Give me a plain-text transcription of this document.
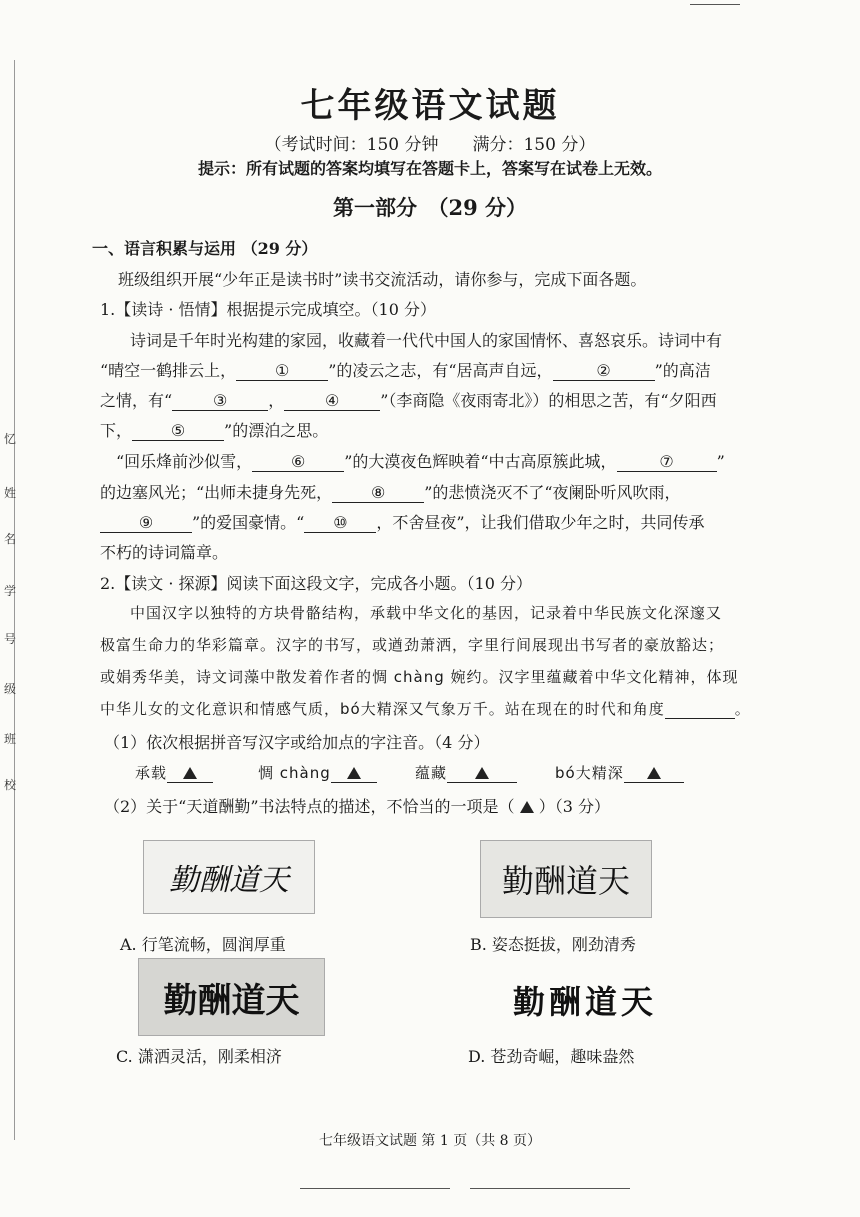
忆
姓
名
学
号
级
班
校
七年级语文试题
（考试时间：150 分钟　　满分：150 分）
提示：所有试题的答案均填写在答题卡上，答案写在试卷上无效。
第一部分　（29 分）
一、语言积累与运用 （29 分）
班级组织开展“少年正是读书时”读书交流活动，请你参与，完成下面各题。
1.【读诗 · 悟情】根据提示完成填空。（10 分）
诗词是千年时光构建的家园，收藏着一代代中国人的家国情怀、喜怒哀乐。诗词中有
“晴空一鹤排云上， ① ”的凌云之志，有“居高声自远，	②	”的高洁
之情，有“	③	，	④	”（李商隐《夜雨寄北》）的相思之苦，有“夕阳西
下， ⑤ ”的漂泊之思。
“回乐烽前沙似雪， ⑥ ”的大漠夜色辉映着“中古高原簇此城，	⑦	”
的边塞风光；“出师未捷身先死， ⑧ ”的悲愤浇灭不了“夜阑卧听风吹雨，
⑨ ”的爱国豪情。“ ⑩ ，不舍昼夜”，让我们借取少年之时，共同传承
不朽的诗词篇章。
2.【读文 · 探源】阅读下面这段文字，完成各小题。（10 分）
中国汉字以独特的方块骨骼结构，承载中华文化的基因，记录着中华民族文化深邃又
极富生命力的华彩篇章。汉字的书写，或遒劲萧洒，字里行间展现出书写者的豪放豁达；
或娟秀华美，诗文词藻中散发着作者的惆 chàng 婉约。汉字里蕴藏着中华文化精神，体现
中华儿女的文化意识和情感气质，bó大精深又气象万千。站在现在的时代和角度	。
（1）依次根据拼音写汉字或给加点的字注音。（4 分）
承载	惆 chàng	蕴藏	bó大精深
（2）关于“天道酬勤”书法特点的描述，不恰当的一项是（ ）（3 分）
勤酬道天	勤酬道天
A. 行笔流畅，圆润厚重	B. 姿态挺拔，刚劲清秀
勤酬道天	勤酬道天
C. 潇洒灵活，刚柔相济	D. 苍劲奇崛，趣味盎然
七年级语文试题 第 1 页（共 8 页）
